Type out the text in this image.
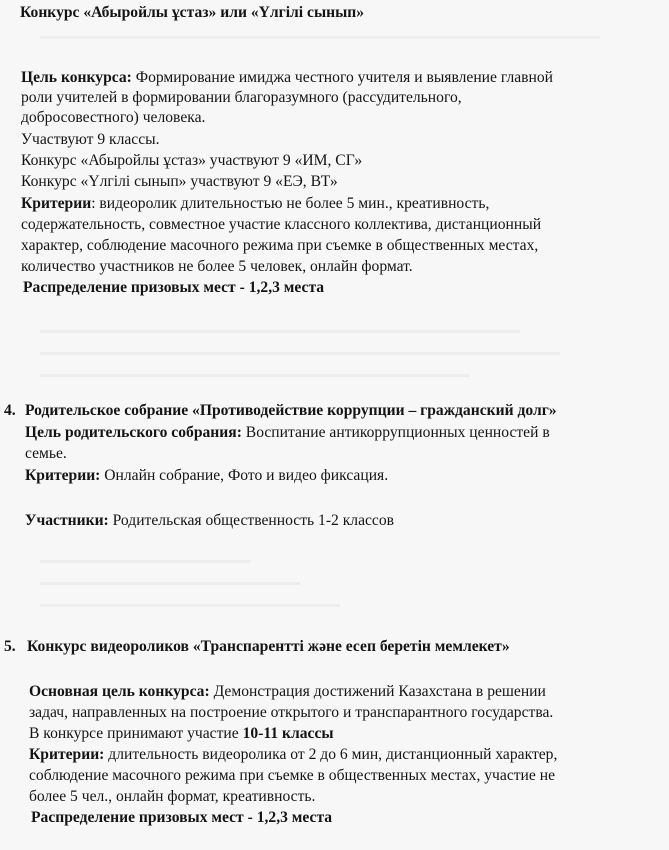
Конкурс «Абыройлы ұстаз» или «Үлгілі сынып»
Цель конкурса: Формирование имиджа честного учителя и выявление главной
роли учителей в формировании благоразумного (рассудительного,
добросовестного) человека.
Участвуют 9 классы.
Конкурс «Абыройлы ұстаз» участвуют 9 «ИМ, СГ»
Конкурс «Үлгілі сынып» участвуют 9 «ЕЭ, ВТ»
Критерии: видеоролик длительностью не более 5 мин., креативность,
содержательность, совместное участие классного коллектива, дистанционный
характер, соблюдение масочного режима при съемке в общественных местах,
количество участников не более 5 человек, онлайн формат.
Распределение призовых мест - 1,2,3 места
4. Родительское собрание «Противодействие коррупции – гражданский долг»
Цель родительского собрания: Воспитание антикоррупционных ценностей в
семье.
Критерии: Онлайн собрание, Фото и видео фиксация.
Участники: Родительская общественность 1-2 классов
5. Конкурс видеороликов «Транспарентті және есеп беретін мемлекет»
Основная цель конкурса: Демонстрация достижений Казахстана в решении
задач, направленных на построение открытого и транспарантного государства.
В конкурсе принимают участие 10-11 классы
Критерии: длительность видеоролика от 2 до 6 мин, дистанционный характер,
соблюдение масочного режима при съемке в общественных местах, участие не
более 5 чел., онлайн формат, креативность.
Распределение призовых мест - 1,2,3 места
